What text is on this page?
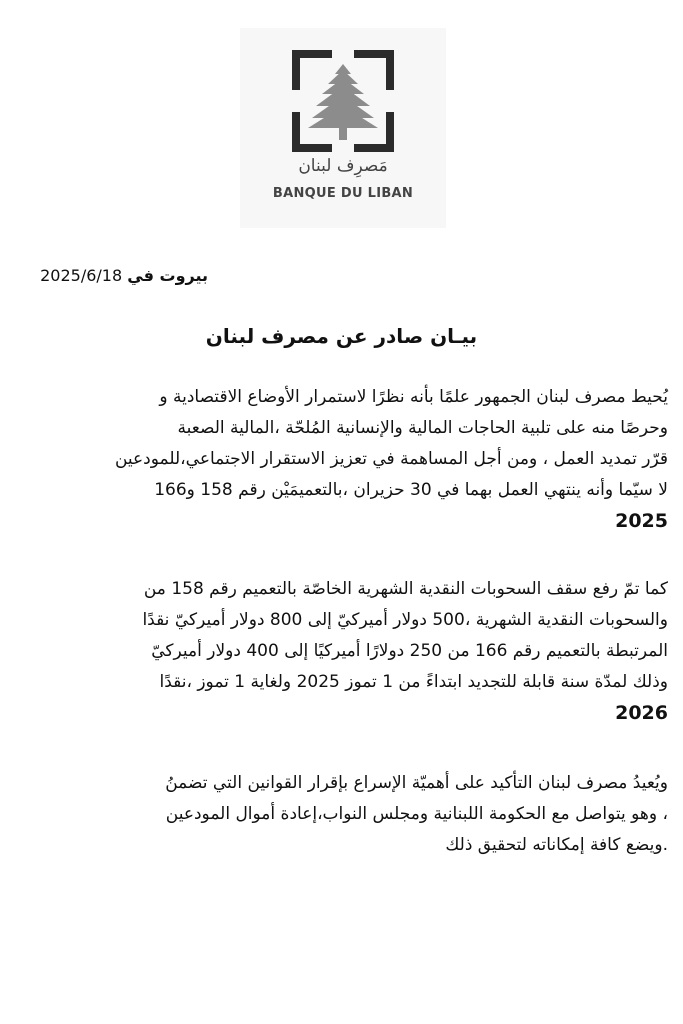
مَصرِف لبنان
BANQUE DU LIBAN
بيروت في 2025/6/18
بيـان صادر عن مصرف لبنان
يُحيط مصرف لبنان الجمهور علمًا بأنه نظرًا لاستمرار الأوضاع الاقتصادية و
وحرصًا منه على تلبية الحاجات المالية والإنسانية المُلحّة ،المالية الصعبة
قرّر تمديد العمل ، ومن أجل المساهمة في تعزيز الاستقرار الاجتماعي،للمودعين
لا سيّما وأنه ينتهي العمل بهما في 30 حزيران ،بالتعميمَيْن رقم 158 و166
2025
كما تمّ رفع سقف السحوبات النقدية الشهرية الخاصّة بالتعميم رقم 158 من
والسحوبات النقدية الشهرية ،500 دولار أميركيّ إلى 800 دولار أميركيّ نقدًا
المرتبطة بالتعميم رقم 166 من 250 دولارًا أميركيًا إلى 400 دولار أميركيّ
وذلك لمدّة سنة قابلة للتجديد ابتداءً من 1 تموز 2025 ولغاية 1 تموز ،نقدًا
2026
ويُعيدُ مصرف لبنان التأكيد على أهميّة الإسراع بإقرار القوانين التي تضمنُ
، وهو يتواصل مع الحكومة اللبنانية ومجلس النواب،إعادة أموال المودعين
.ويضع كافة إمكاناته لتحقيق ذلك
